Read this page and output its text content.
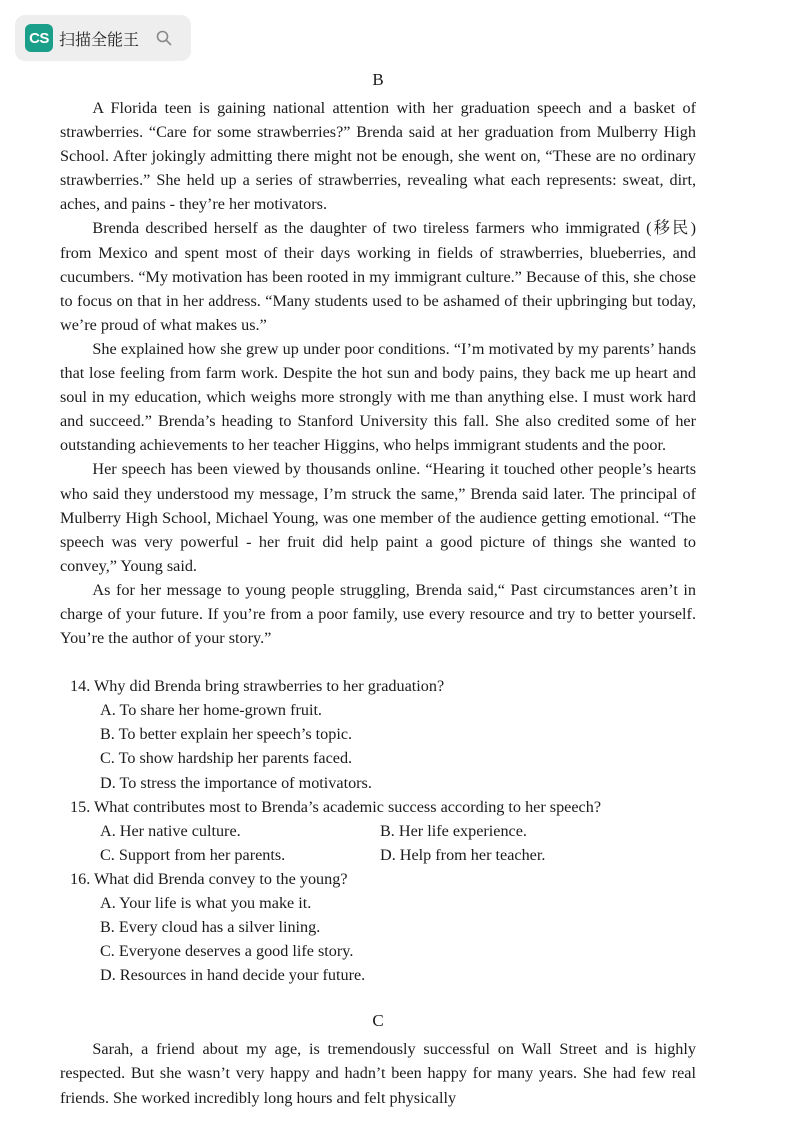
CS 扫描全能王
B

A Florida teen is gaining national attention with her graduation speech and a basket of strawberries. “Care for some strawberries?” Brenda said at her graduation from Mulberry High School. After jokingly admitting there might not be enough, she went on, “These are no ordinary strawberries.” She held up a series of strawberries, revealing what each represents: sweat, dirt, aches, and pains - they’re her motivators.

Brenda described herself as the daughter of two tireless farmers who immigrated (移民) from Mexico and spent most of their days working in fields of strawberries, blueberries, and cucumbers. “My motivation has been rooted in my immigrant culture.” Because of this, she chose to focus on that in her address. “Many students used to be ashamed of their upbringing but today, we’re proud of what makes us.”

She explained how she grew up under poor conditions. “I’m motivated by my parents’ hands that lose feeling from farm work. Despite the hot sun and body pains, they back me up heart and soul in my education, which weighs more strongly with me than anything else. I must work hard and succeed.” Brenda’s heading to Stanford University this fall. She also credited some of her outstanding achievements to her teacher Higgins, who helps immigrant students and the poor.

Her speech has been viewed by thousands online. “Hearing it touched other people’s hearts who said they understood my message, I’m struck the same,” Brenda said later. The principal of Mulberry High School, Michael Young, was one member of the audience getting emotional. “The speech was very powerful - her fruit did help paint a good picture of things she wanted to convey,” Young said.

As for her message to young people struggling, Brenda said,“ Past circumstances aren’t in charge of your future. If you’re from a poor family, use every resource and try to better yourself. You’re the author of your story.”

14. Why did Brenda bring strawberries to her graduation?

A. To share her home-grown fruit.

B. To better explain her speech’s topic.

C. To show hardship her parents faced.

D. To stress the importance of motivators.

15. What contributes most to Brenda’s academic success according to her speech?

A. Her native culture.	B. Her life experience.
C. Support from her parents.	D. Help from her teacher.

16. What did Brenda convey to the young?

A. Your life is what you make it.

B. Every cloud has a silver lining.

C. Everyone deserves a good life story.

D. Resources in hand decide your future.

C

Sarah, a friend about my age, is tremendously successful on Wall Street and is highly respected. But she wasn’t very happy and hadn’t been happy for many years. She had few real friends. She worked incredibly long hours and felt physically
